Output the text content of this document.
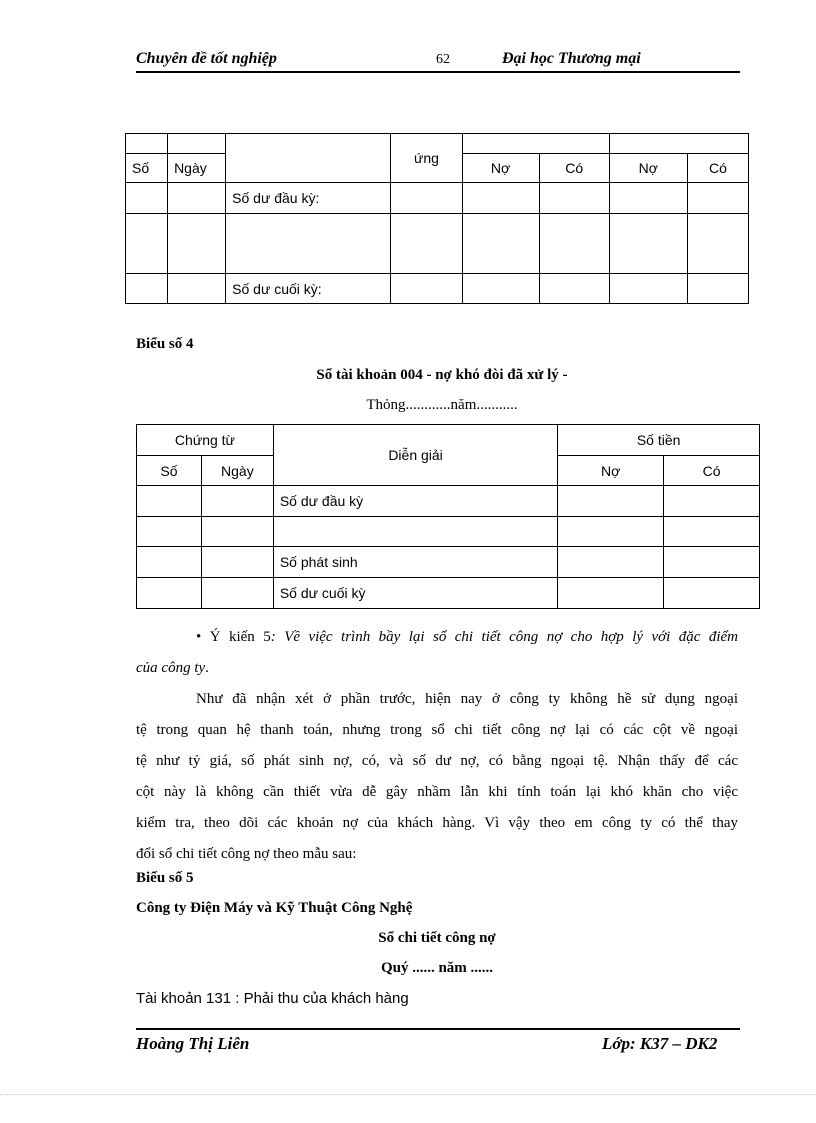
Chuyên đề tốt nghiệp	62	Đại học Thương mại
			ứng				
Số	Ngày			Nợ	Có	Nợ	Có
		Số dư đầu kỳ:					

		Số dư cuối kỳ:					
Biểu số 4
Sổ tài khoản 004 - nợ khó đòi đã xử lý -
Thỏng............năm...........
Chứng từ		Diễn giải	Số tiền	
Số	Ngày		Nợ	Có
		Số dư đầu kỳ		

		Số phát sinh		
		Số dư cuối kỳ		
• Ý kiến 5: Về việc trình bầy lại sổ chi tiết công nợ cho hợp lý với đặc điểm
của công ty.
Như đã nhận xét ở phần trước, hiện nay ở công ty không hề sử dụng ngoại
tệ trong quan hệ thanh toán, nhưng trong sổ chi tiết công nợ lại có các cột về ngoại
tệ như tỷ giá, số phát sinh nợ, có, và số dư nợ, có bằng ngoại tệ. Nhận thấy để các
cột này là không cần thiết vừa dễ gây nhầm lẫn khi tính toán lại khó khăn cho việc
kiểm tra, theo dõi các khoản nợ của khách hàng. Vì vậy theo em công ty có thể thay
đổi sổ chi tiết công nợ theo mẫu sau:
Biểu số 5
Công ty Điện Máy và Kỹ Thuật Công Nghệ
Sổ chi tiết công nợ
Quý ...... năm ......
Tài khoản 131 : Phải thu của khách hàng
Hoàng Thị Liên	Lớp: K37 – DK2
